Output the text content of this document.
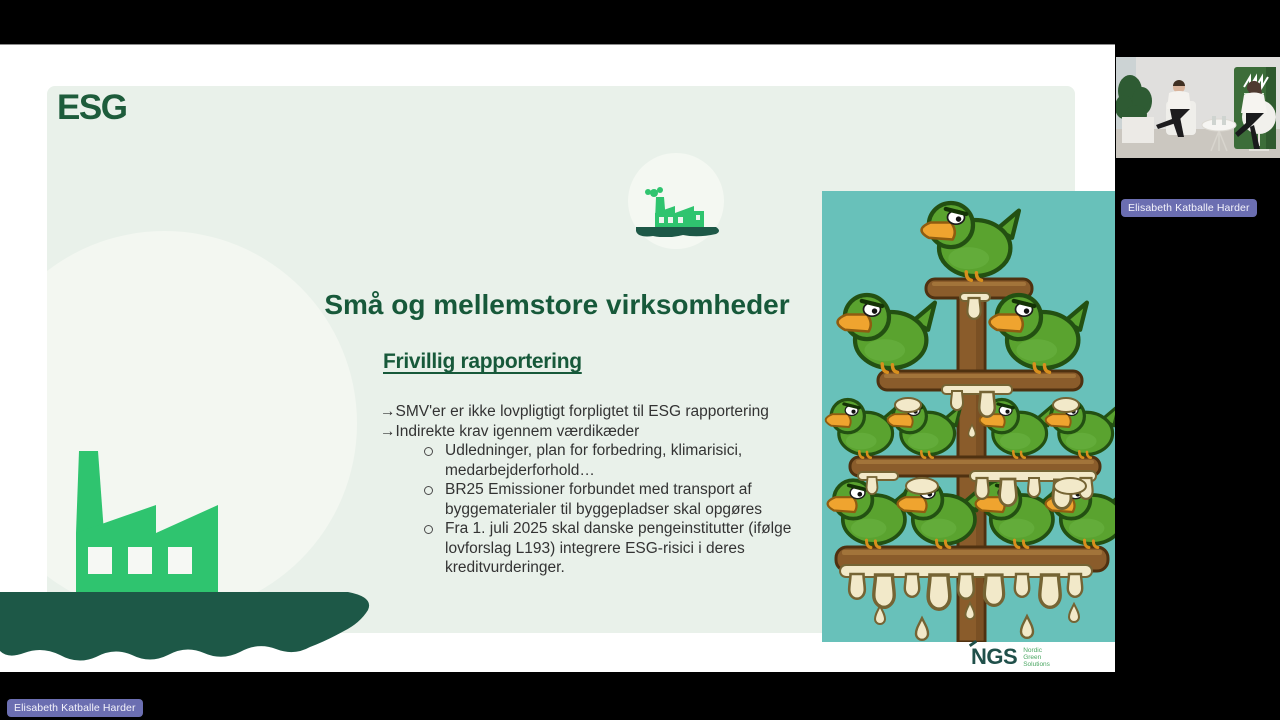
ESG
Små og mellemstore virksomheder
Frivillig rapportering
→SMV'er er ikke lovpligtigt forpligtet til ESG rapportering
→Indirekte krav igennem værdikæder
Udledninger, plan for forbedring, klimarisici, medarbejderforhold…
BR25 Emissioner forbundet med transport af byggematerialer til byggepladser skal opgøres
Fra 1. juli 2025 skal danske pengeinstitutter (ifølge lovforslag L193) integrere ESG-risici i deres kreditvurderinger.
NGS Nordic
Green
Solutions
Elisabeth Katballe Harder
Elisabeth Katballe Harder
